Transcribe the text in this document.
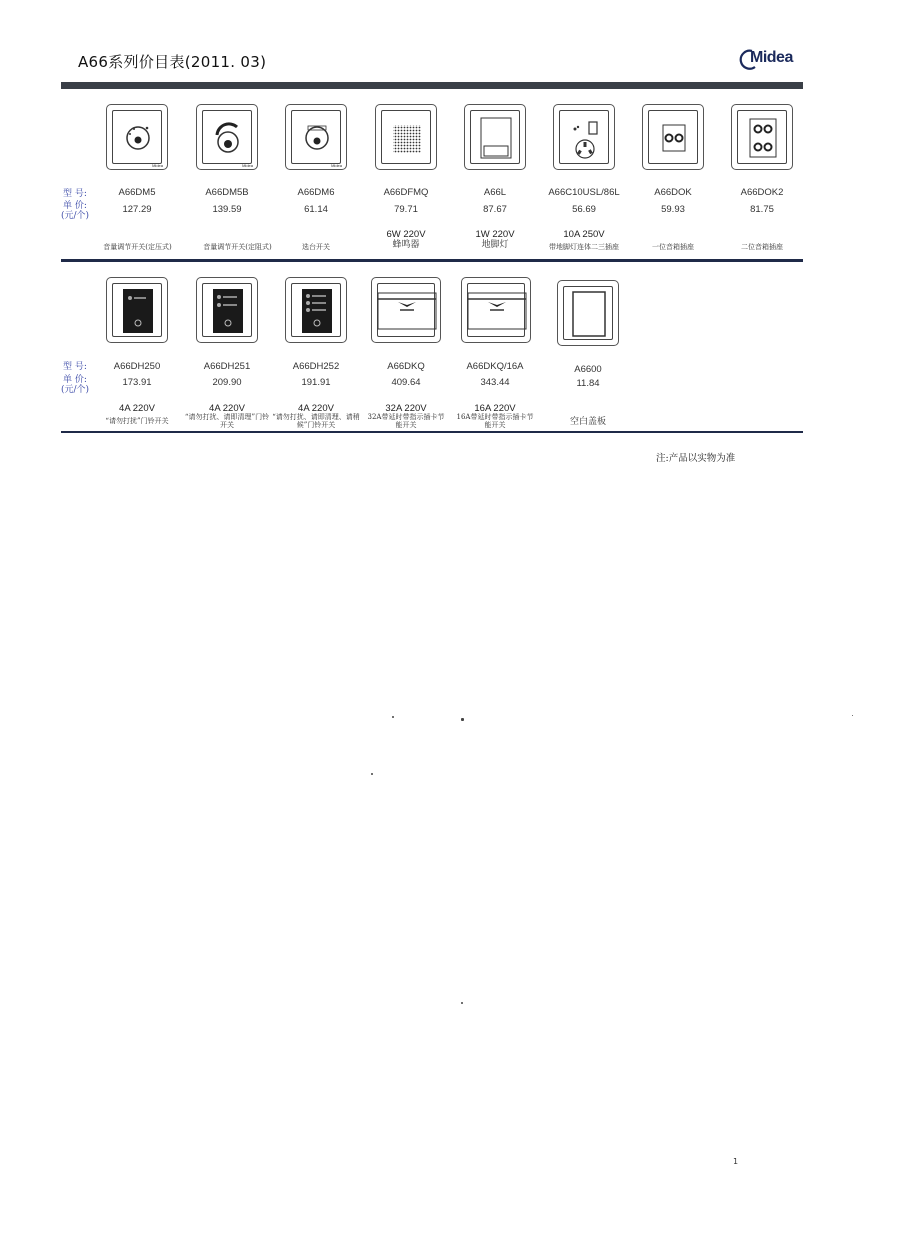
A66系列价目表(2011. 03)	Midea
型 号:
单 价:
(元/个)
Midea
A66DM5
127.29
音量调节开关(定压式)
Midea
A66DM5B
139.59
音量调节开关(定阻式)
Midea
A66DM6
61.14
选台开关
A66DFMQ
79.71
6W 220V
蜂鸣器
A66L
87.67
1W 220V
地脚灯
A66C10USL/86L
56.69
10A 250V
带地脚灯连体二三插座
A66DOK
59.93
一位音箱插座
A66DOK2
81.75
二位音箱插座
型 号:
单 价:
(元/个)
A66DH250
173.91
4A 220V
“请勿打扰”门铃开关
A66DH251
209.90
4A 220V
“请勿打扰、请即清理”门铃开关
A66DH252
191.91
4A 220V
“请勿打扰、请即清理、请稍候”门铃开关
A66DKQ
409.64
32A 220V
32A带延时带指示插卡节能开关
A66DKQ/16A
343.44
16A 220V
16A带延时带指示插卡节能开关
A6600
11.84
空白盖板
注:产品以实物为准
1
